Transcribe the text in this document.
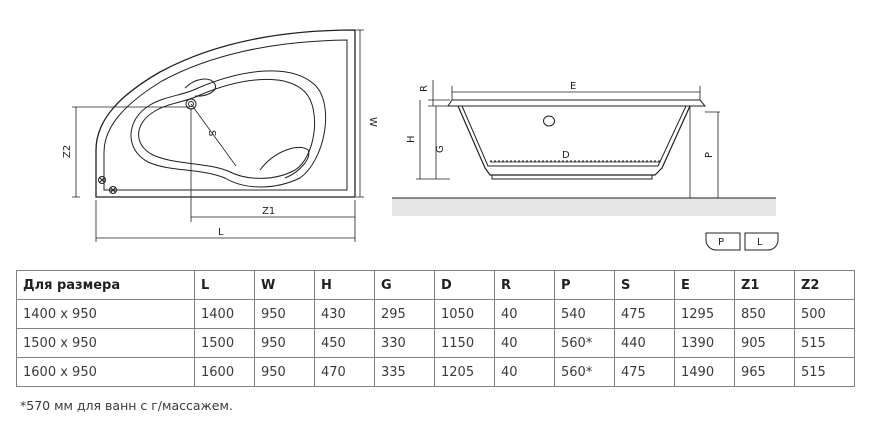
W
Z2
S
Z1
L
E
R
H
G
D	P
P	L
Для размера	L	W	H	G	D	R	P	S	E	Z1	Z2
1400 x 950	1400	950	430	295	1050	40	540	475	1295	850	500
1500 x 950	1500	950	450	330	1150	40	560*	440	1390	905	515
1600 x 950	1600	950	470	335	1205	40	560*	475	1490	965	515
*570 мм для ванн с г/массажем.
